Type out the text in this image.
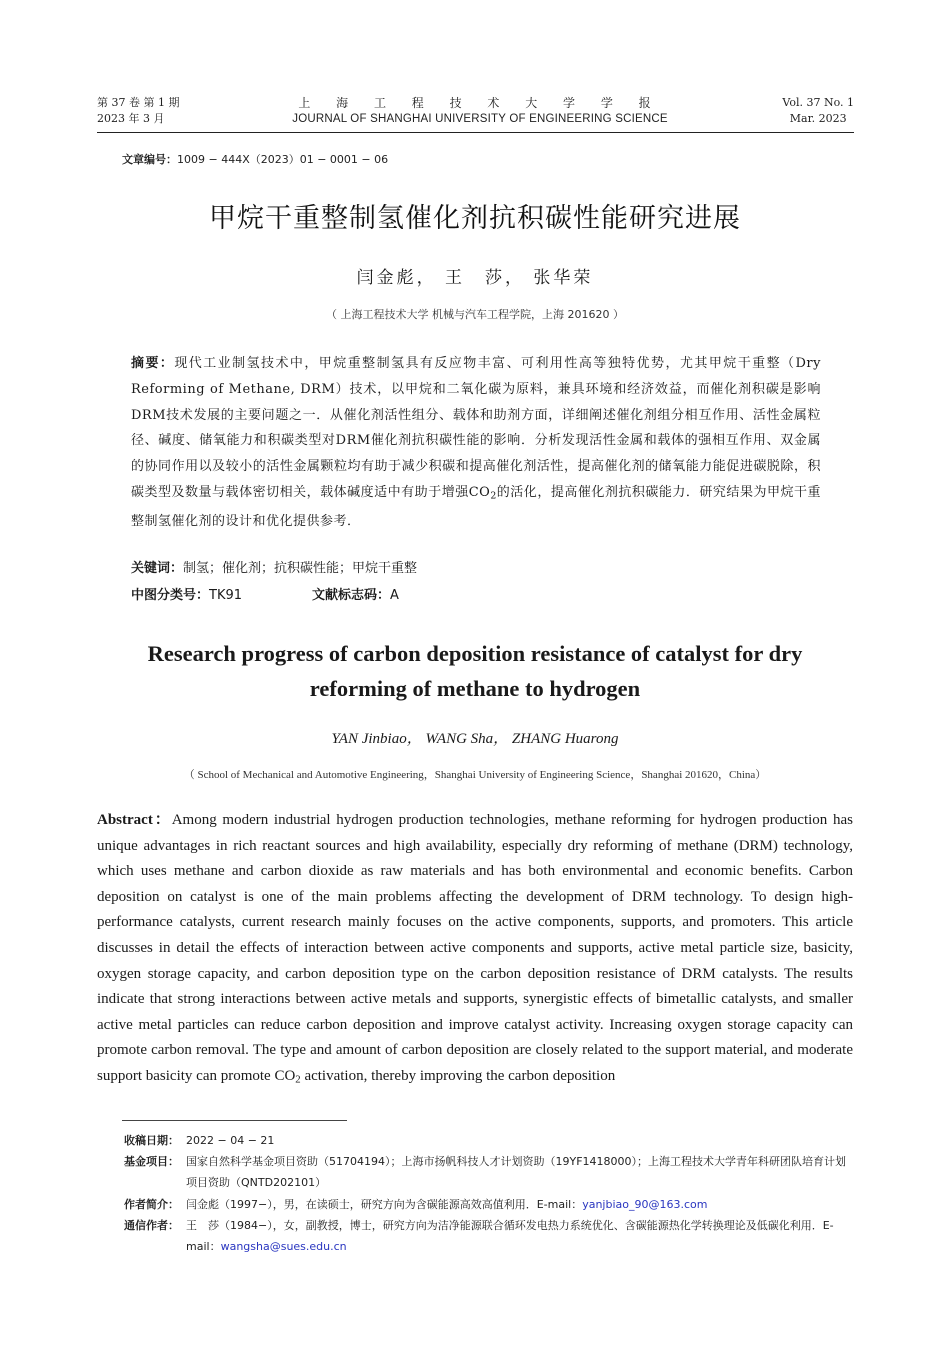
第 37 卷 第 1 期
2023 年 3 月
上 海 工 程 技 术 大 学 学 报
JOURNAL OF SHANGHAI UNIVERSITY OF ENGINEERING SCIENCE
Vol. 37 No. 1
Mar. 2023
文章编号：1009 − 444X（2023）01 − 0001 − 06
甲烷干重整制氢催化剂抗积碳性能研究进展
闫金彪， 王　莎， 张华荣
（ 上海工程技术大学 机械与汽车工程学院，上海 201620 ）
摘要：现代工业制氢技术中，甲烷重整制氢具有反应物丰富、可利用性高等独特优势，尤其甲烷干重整（Dry Reforming of Methane, DRM）技术，以甲烷和二氧化碳为原料，兼具环境和经济效益，而催化剂积碳是影响DRM技术发展的主要问题之一．从催化剂活性组分、载体和助剂方面，详细阐述催化剂组分相互作用、活性金属粒径、碱度、储氧能力和积碳类型对DRM催化剂抗积碳性能的影响．分析发现活性金属和载体的强相互作用、双金属的协同作用以及较小的活性金属颗粒均有助于减少积碳和提高催化剂活性，提高催化剂的储氧能力能促进碳脱除，积碳类型及数量与载体密切相关，载体碱度适中有助于增强$CO_2$的活化，提高催化剂抗积碳能力．研究结果为甲烷干重整制氢催化剂的设计和优化提供参考．
关键词：制氢；催化剂；抗积碳性能；甲烷干重整
中图分类号：TK91	文献标志码：A
Research progress of carbon deposition resistance of catalyst for dry reforming of methane to hydrogen
YAN Jinbiao， WANG Sha， ZHANG Huarong
（ School of Mechanical and Automotive Engineering，Shanghai University of Engineering Science，Shanghai 201620，China）
Abstract：Among modern industrial hydrogen production technologies, methane reforming for hydrogen production has unique advantages in rich reactant sources and high availability, especially dry reforming of methane (DRM) technology, which uses methane and carbon dioxide as raw materials and has both environmental and economic benefits. Carbon deposition on catalyst is one of the main problems affecting the development of DRM technology. To design high-performance catalysts, current research mainly focuses on the active components, supports, and promoters. This article discusses in detail the effects of interaction between active components and supports, active metal particle size, basicity, oxygen storage capacity, and carbon deposition type on the carbon deposition resistance of DRM catalysts. The results indicate that strong interactions between active metals and supports, synergistic effects of bimetallic catalysts, and smaller active metal particles can reduce carbon deposition and improve catalyst activity. Increasing oxygen storage capacity can promote carbon removal. The type and amount of carbon deposition are closely related to the support material, and moderate support basicity can promote $CO_2$ activation, thereby improving the carbon deposition
收稿日期： 2022 − 04 − 21
基金项目： 国家自然科学基金项目资助（51704194）；上海市扬帆科技人才计划资助（19YF1418000）；上海工程技术大学青年科研团队培育计划项目资助（QNTD202101）
作者简介： 闫金彪（1997−），男，在读硕士，研究方向为含碳能源高效高值利用．E-mail：yanjbiao_90@163.com
通信作者： 王　莎（1984−），女，副教授，博士，研究方向为洁净能源联合循环发电热力系统优化、含碳能源热化学转换理论及低碳化利用．E-mail：wangsha@sues.edu.cn
